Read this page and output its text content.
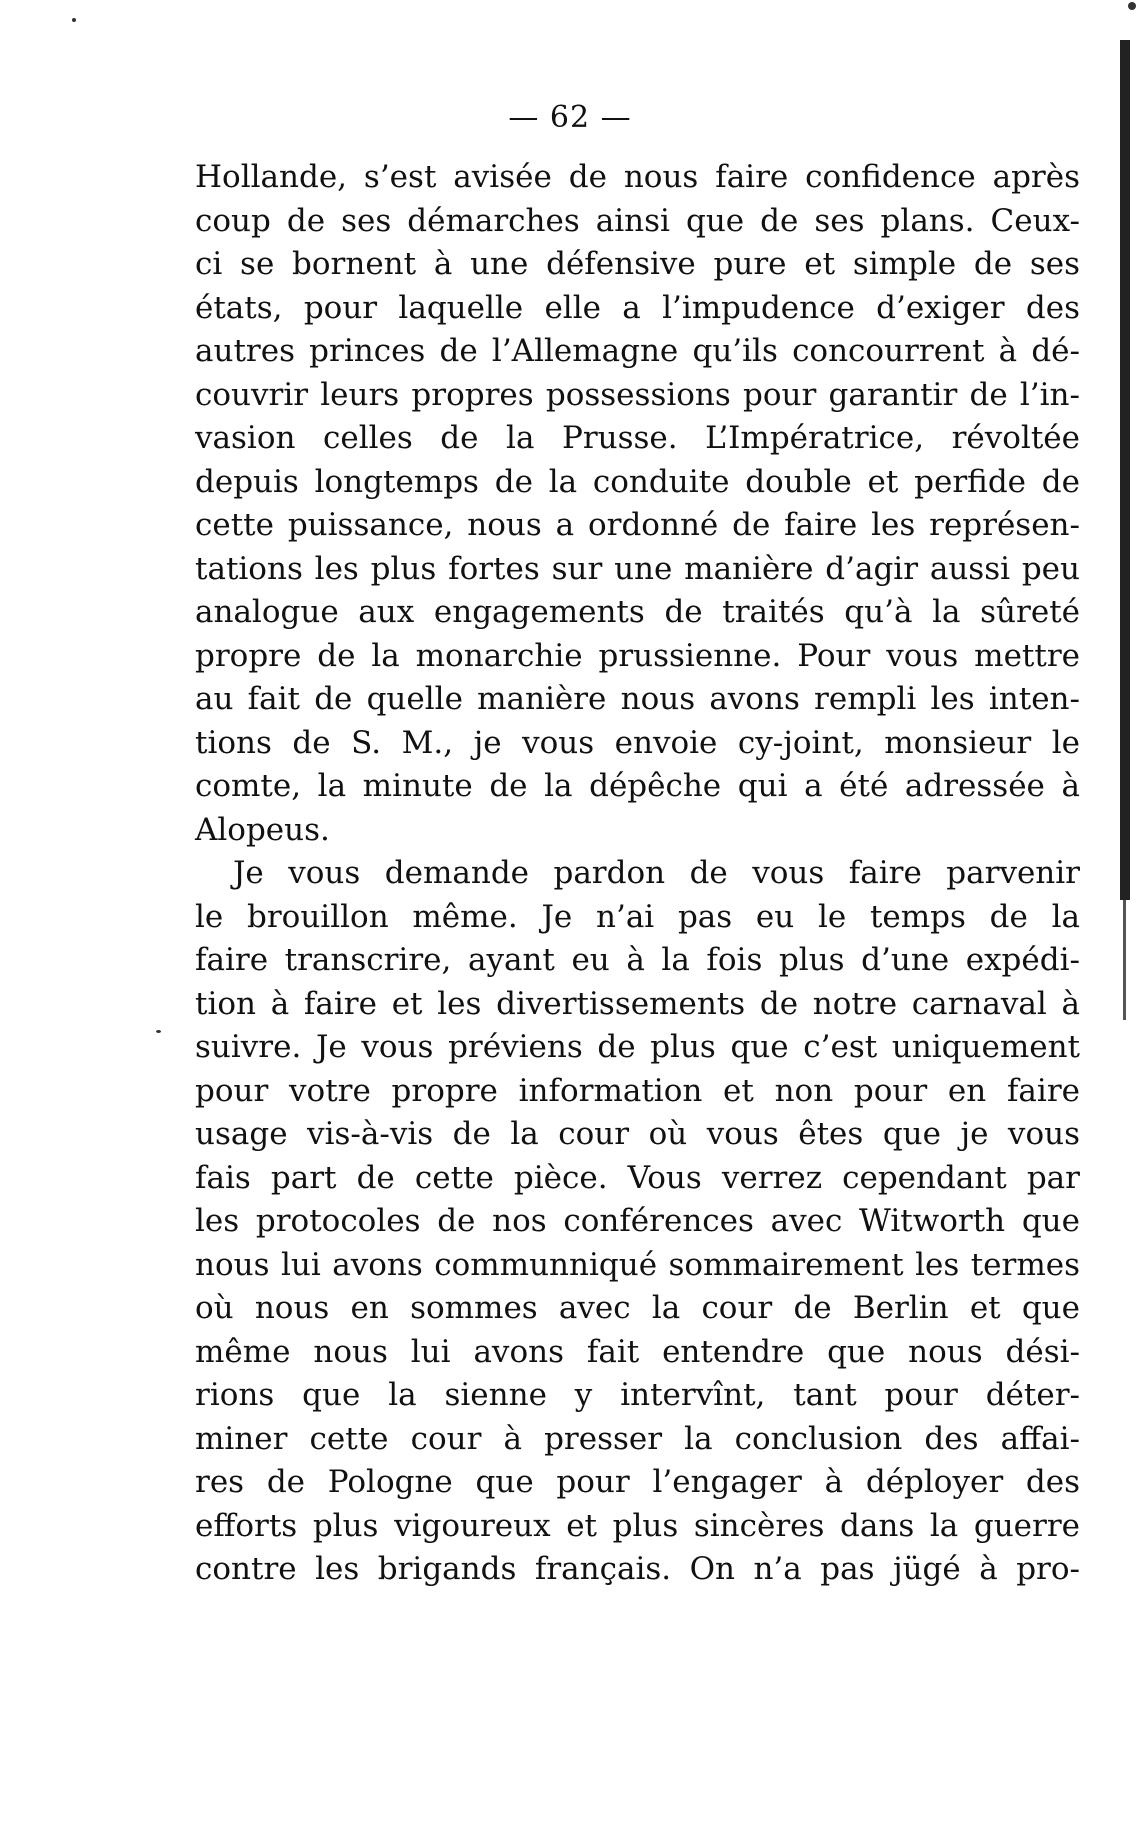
— 62 —
Hollande, s’est avisée de nous faire confidence après
coup de ses démarches ainsi que de ses plans. Ceux-
ci se bornent à une défensive pure et simple de ses
états, pour laquelle elle a l’impudence d’exiger des
autres princes de l’Allemagne qu’ils concourrent à dé-
couvrir leurs propres possessions pour garantir de l’in-
vasion celles de la Prusse. L’Impératrice, révoltée
depuis longtemps de la conduite double et perfide de
cette puissance, nous a ordonné de faire les représen-
tations les plus fortes sur une manière d’agir aussi peu
analogue aux engagements de traités qu’à la sûreté
propre de la monarchie prussienne. Pour vous mettre
au fait de quelle manière nous avons rempli les inten-
tions de S. M., je vous envoie cy-joint, monsieur le
comte, la minute de la dépêche qui a été adressée à
Alopeus.
Je vous demande pardon de vous faire parvenir
le brouillon même. Je n’ai pas eu le temps de la
faire transcrire, ayant eu à la fois plus d’une expédi-
tion à faire et les divertissements de notre carnaval à
suivre. Je vous préviens de plus que c’est uniquement
pour votre propre information et non pour en faire
usage vis-à-vis de la cour où vous êtes que je vous
fais part de cette pièce. Vous verrez cependant par
les protocoles de nos conférences avec Witworth que
nous lui avons communniqué sommairement les termes
où nous en sommes avec la cour de Berlin et que
même nous lui avons fait entendre que nous dési-
rions que la sienne y intervînt, tant pour déter-
miner cette cour à presser la conclusion des affai-
res de Pologne que pour l’engager à déployer des
efforts plus vigoureux et plus sincères dans la guerre
contre les brigands français. On n’a pas jügé à pro-
